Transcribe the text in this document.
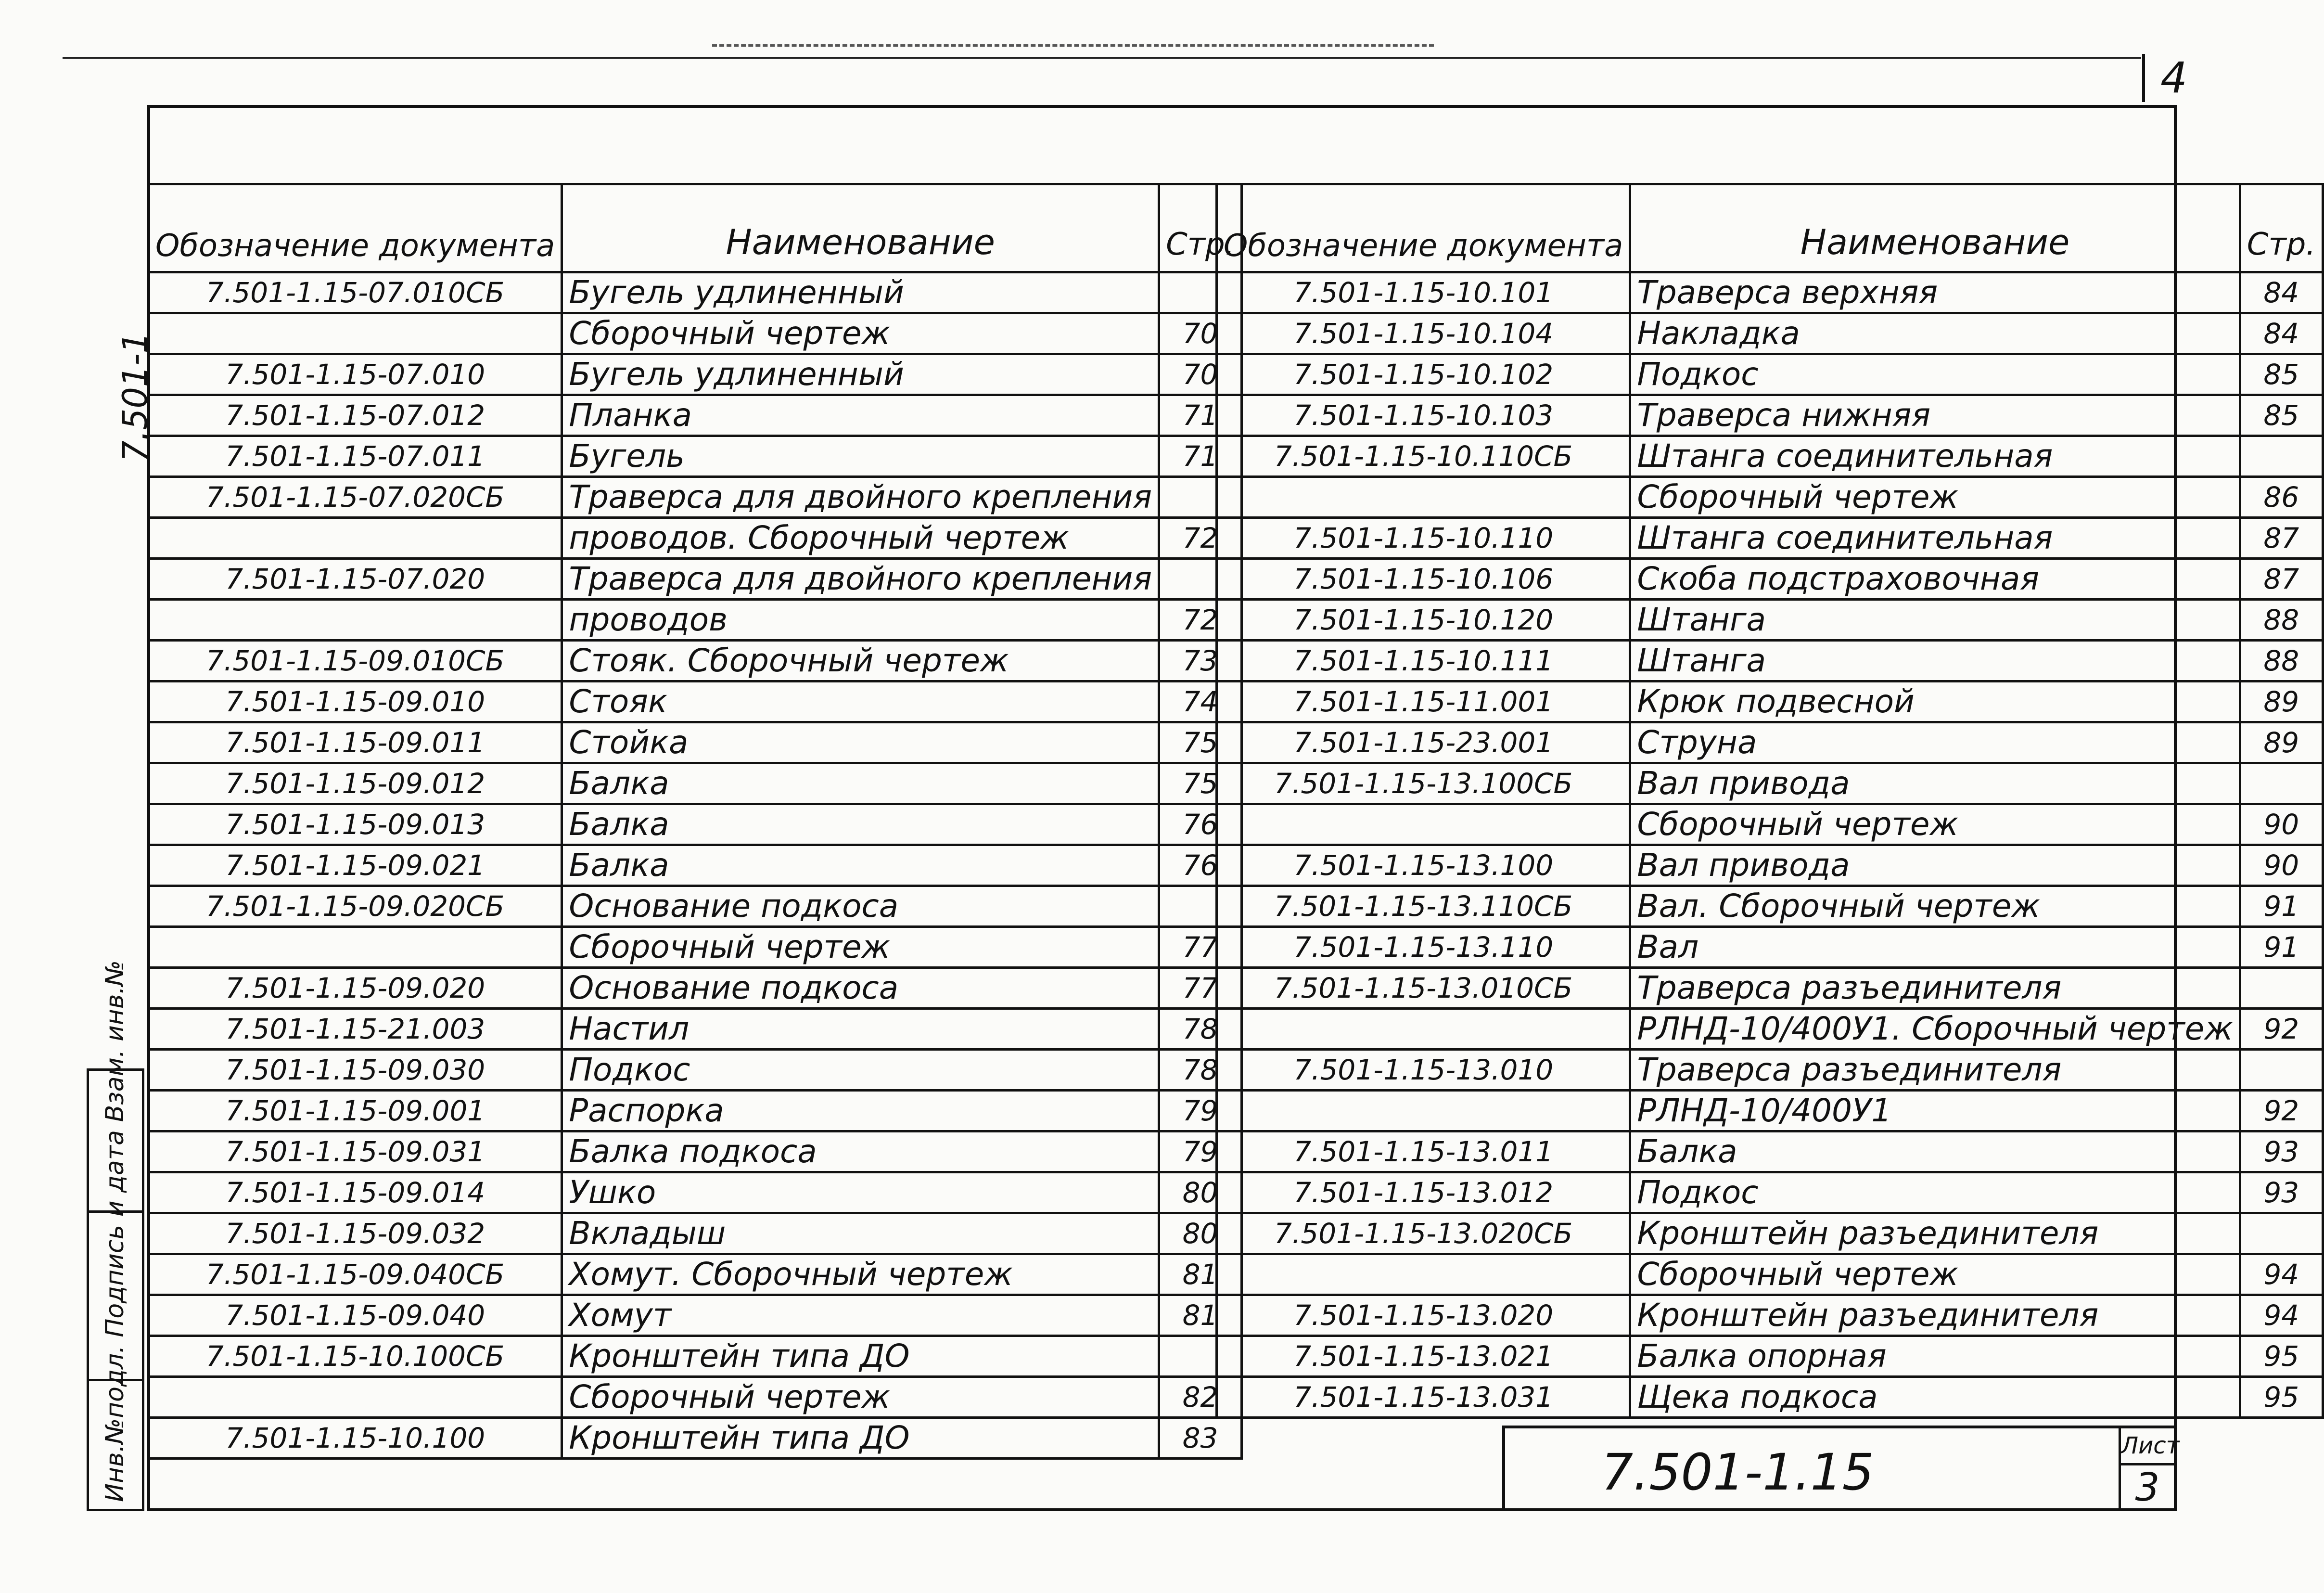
4
7.501-1
Инв.№подл. Подпись и дата Взам. инв.№
Обозначение документа	Наименование	Стр.
7.501-1.15-07.010СБ	Бугель удлиненный	
	Сборочный чертеж	70
7.501-1.15-07.010	Бугель удлиненный	70
7.501-1.15-07.012	Планка	71
7.501-1.15-07.011	Бугель	71
7.501-1.15-07.020СБ	Траверса для двойного крепления	
	проводов. Сборочный чертеж	72
7.501-1.15-07.020	Траверса для двойного крепления	
	проводов	72
7.501-1.15-09.010СБ	Стояк. Сборочный чертеж	73
7.501-1.15-09.010	Стояк	74
7.501-1.15-09.011	Стойка	75
7.501-1.15-09.012	Балка	75
7.501-1.15-09.013	Балка	76
7.501-1.15-09.021	Балка	76
7.501-1.15-09.020СБ	Основание подкоса	
	Сборочный чертеж	77
7.501-1.15-09.020	Основание подкоса	77
7.501-1.15-21.003	Настил	78
7.501-1.15-09.030	Подкос	78
7.501-1.15-09.001	Распорка	79
7.501-1.15-09.031	Балка подкоса	79
7.501-1.15-09.014	Ушко	80
7.501-1.15-09.032	Вкладыш	80
7.501-1.15-09.040СБ	Хомут. Сборочный чертеж	81
7.501-1.15-09.040	Хомут	81
7.501-1.15-10.100СБ	Кронштейн типа ДО	
	Сборочный чертеж	82
7.501-1.15-10.100	Кронштейн типа ДО	83
Обозначение документа	Наименование	Стр.
7.501-1.15-10.101	Траверса верхняя	84
7.501-1.15-10.104	Накладка	84
7.501-1.15-10.102	Подкос	85
7.501-1.15-10.103	Траверса нижняя	85
7.501-1.15-10.110СБ	Штанга соединительная	
	Сборочный чертеж	86
7.501-1.15-10.110	Штанга соединительная	87
7.501-1.15-10.106	Скоба подстраховочная	87
7.501-1.15-10.120	Штанга	88
7.501-1.15-10.111	Штанга	88
7.501-1.15-11.001	Крюк подвесной	89
7.501-1.15-23.001	Струна	89
7.501-1.15-13.100СБ	Вал привода	
	Сборочный чертеж	90
7.501-1.15-13.100	Вал привода	90
7.501-1.15-13.110СБ	Вал. Сборочный чертеж	91
7.501-1.15-13.110	Вал	91
7.501-1.15-13.010СБ	Траверса разъединителя	
	РЛНД-10/400У1. Сборочный чертеж	92
7.501-1.15-13.010	Траверса разъединителя	
	РЛНД-10/400У1	92
7.501-1.15-13.011	Балка	93
7.501-1.15-13.012	Подкос	93
7.501-1.15-13.020СБ	Кронштейн разъединителя	
	Сборочный чертеж	94
7.501-1.15-13.020	Кронштейн разъединителя	94
7.501-1.15-13.021	Балка опорная	95
7.501-1.15-13.031	Щека подкоса	95
7.501-1.15	Лист
3
